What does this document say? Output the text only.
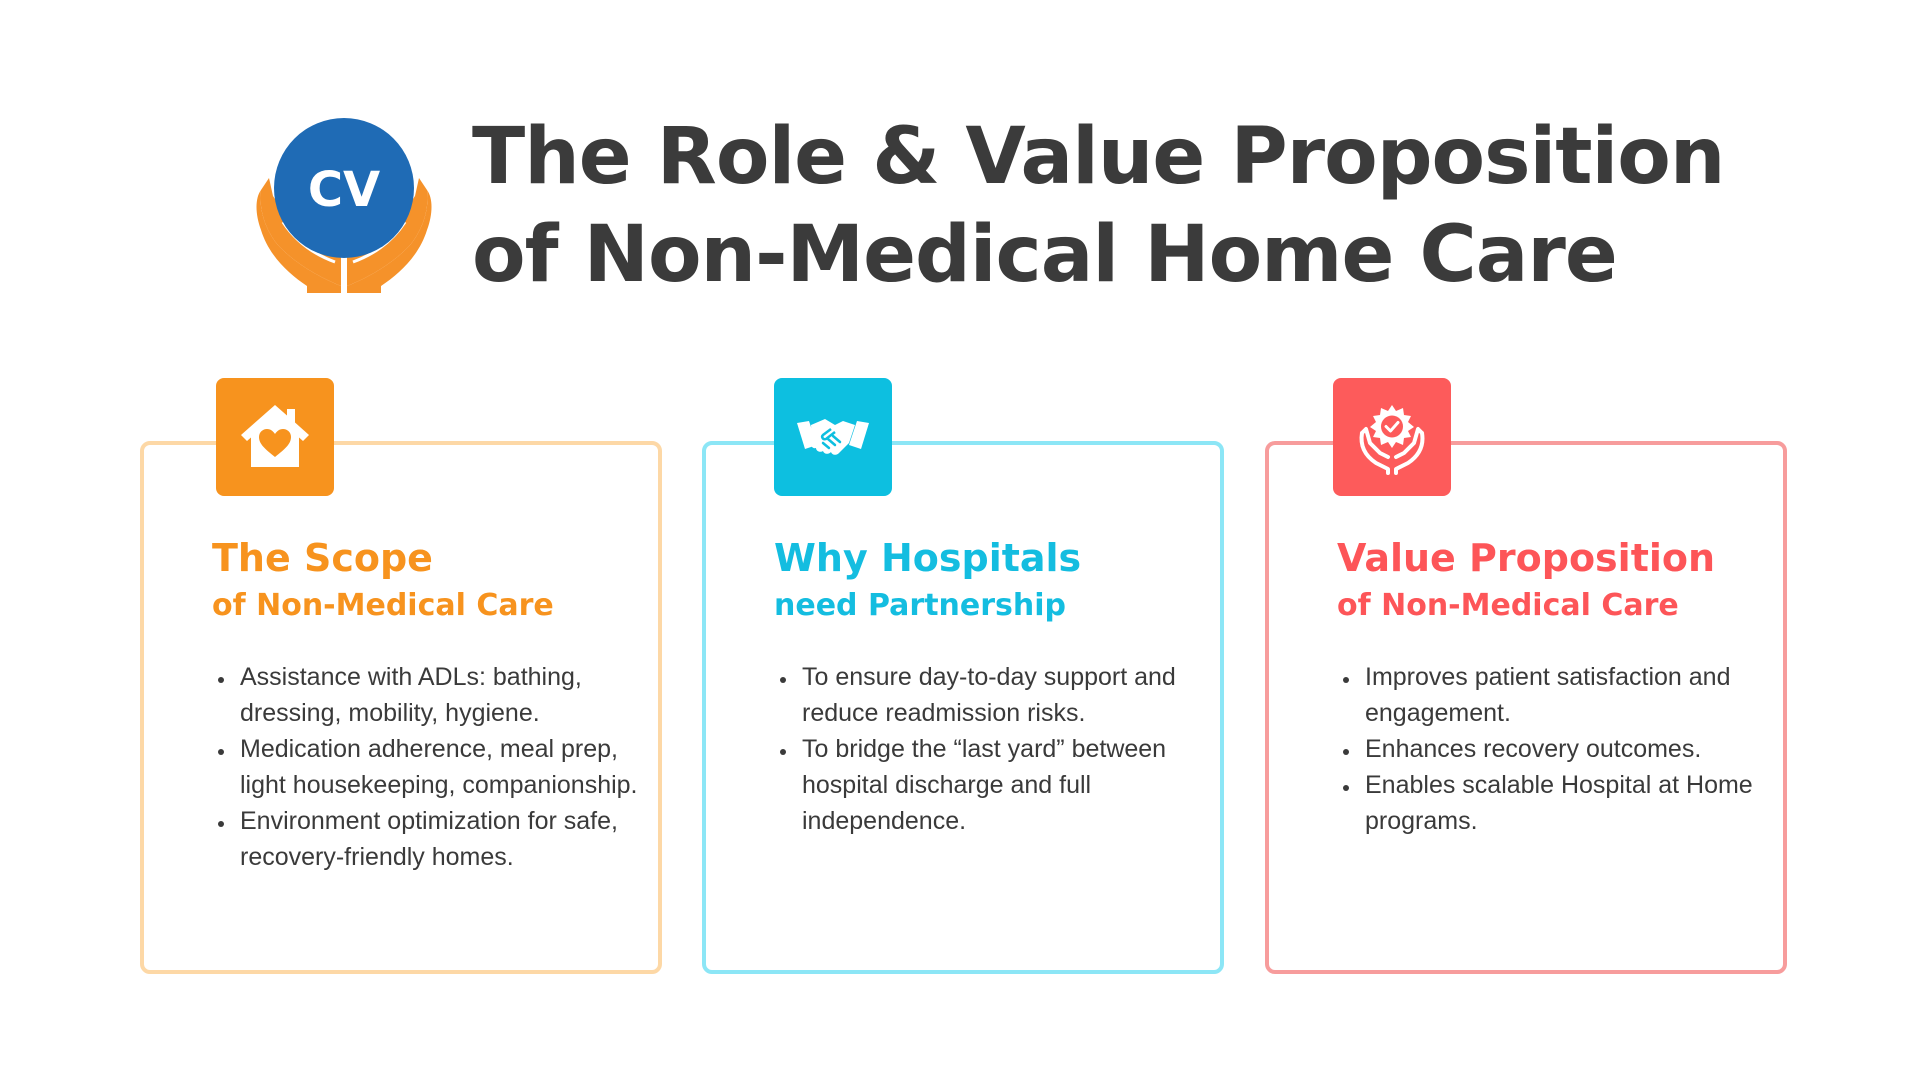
CV The Role & Value Proposition
of Non-Medical Home Care
The Scope
of Non-Medical Care
• Assistance with ADLs: bathing, dressing, mobility, hygiene.
• Medication adherence, meal prep, light housekeeping, companionship.
• Environment optimization for safe, recovery-friendly homes.
Why Hospitals
need Partnership
• To ensure day-to-day support and reduce readmission risks.
• To bridge the “last yard” between hospital discharge and full independence.
Value Proposition
of Non-Medical Care
• Improves patient satisfaction and engagement.
• Enhances recovery outcomes.
• Enables scalable Hospital at Home programs.
